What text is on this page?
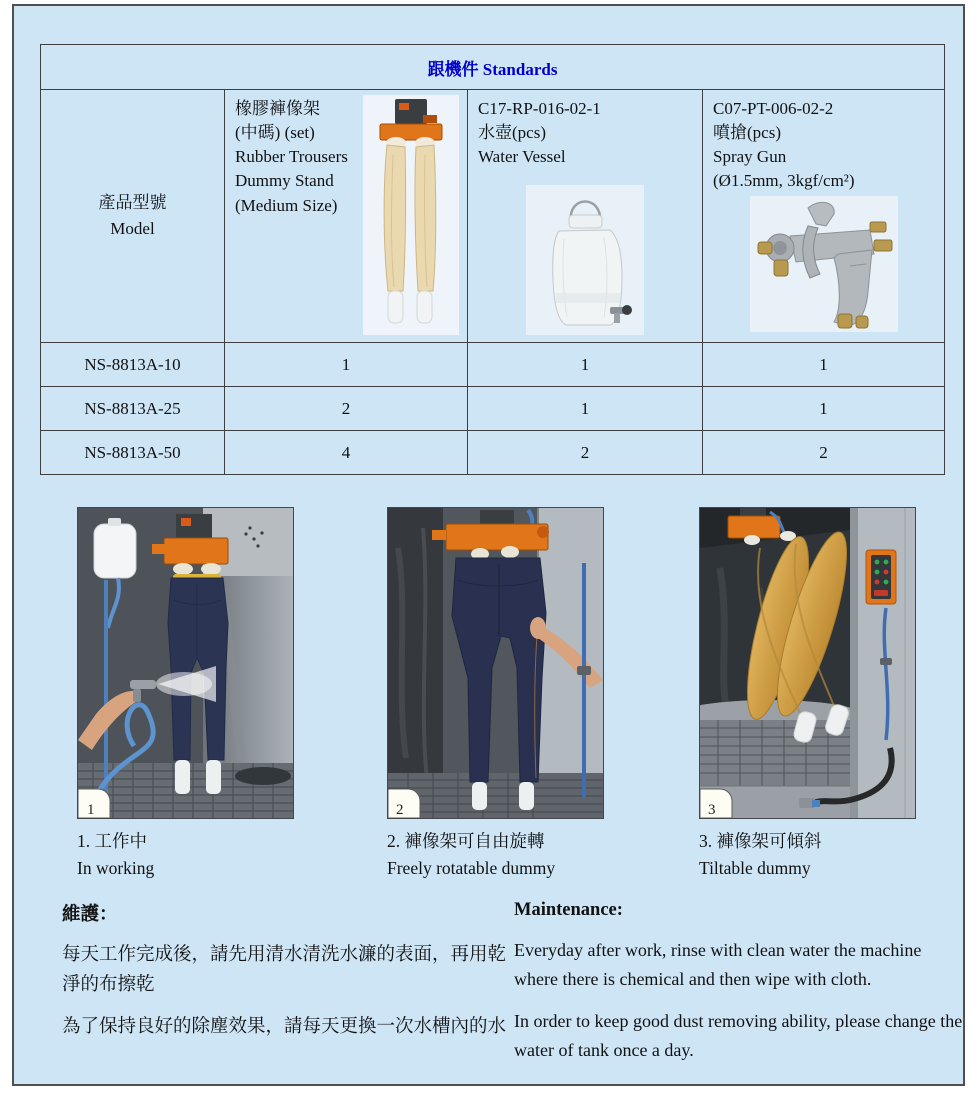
跟機件 Standards			

產品型號
Model

橡膠褲像架
(中碼) (set)
Rubber Trousers
Dummy Stand
(Medium Size)

C17-RP-016-02-1
水壺(pcs)
Water Vessel

C07-PT-006-02-2
噴搶(pcs)
Spray Gun
(Ø1.5mm, 3kgf/cm²)

NS-8813A-10	1	1	1
NS-8813A-25	2	1	1
NS-8813A-50	4	2	2
1	2	3
1. 工作中
In working
2. 褲像架可自由旋轉
Freely rotatable dummy
3. 褲像架可傾斜
Tiltable dummy
維護：

每天工作完成後，請先用清水清洗水濂的表面，再用乾淨的布擦乾

為了保持良好的除塵效果，請每天更換一次水槽內的水

Maintenance:

Everyday after work, rinse with clean water the machine where there is chemical and then wipe with cloth.

In order to keep good dust removing ability, please change the water of tank once a day.
